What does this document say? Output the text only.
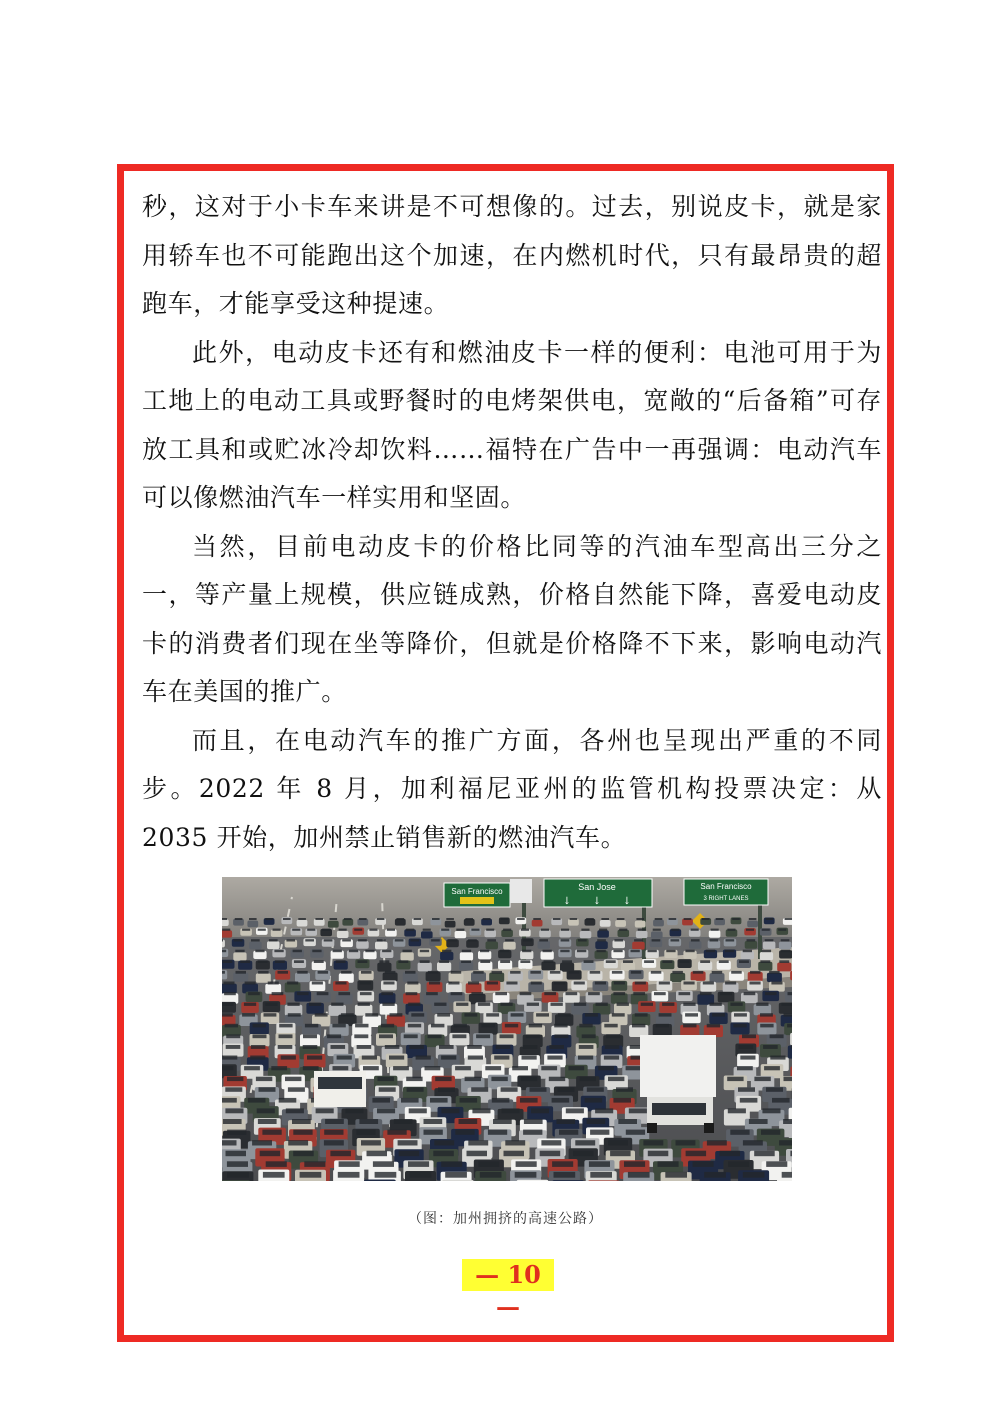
秒，这对于小卡车来讲是不可想像的。过去，别说皮卡，就是家用轿车也不可能跑出这个加速，在内燃机时代，只有最昂贵的超跑车，才能享受这种提速。

此外，电动皮卡还有和燃油皮卡一样的便利：电池可用于为工地上的电动工具或野餐时的电烤架供电，宽敞的“后备箱”可存放工具和或贮冰冷却饮料……福特在广告中一再强调：电动汽车可以像燃油汽车一样实用和坚固。

当然，目前电动皮卡的价格比同等的汽油车型高出三分之一，等产量上规模，供应链成熟，价格自然能下降，喜爱电动皮卡的消费者们现在坐等降价，但就是价格降不下来，影响电动汽车在美国的推广。

而且，在电动汽车的推广方面，各州也呈现出严重的不同步。2022 年 8 月，加利福尼亚州的监管机构投票决定：从 2035 开始，加州禁止销售新的燃油汽车。

San Francisco	San Jose
↓ ↓ ↓
San Francisco
3 RIGHT LANES
（图：加州拥挤的高速公路）
— 10 —
